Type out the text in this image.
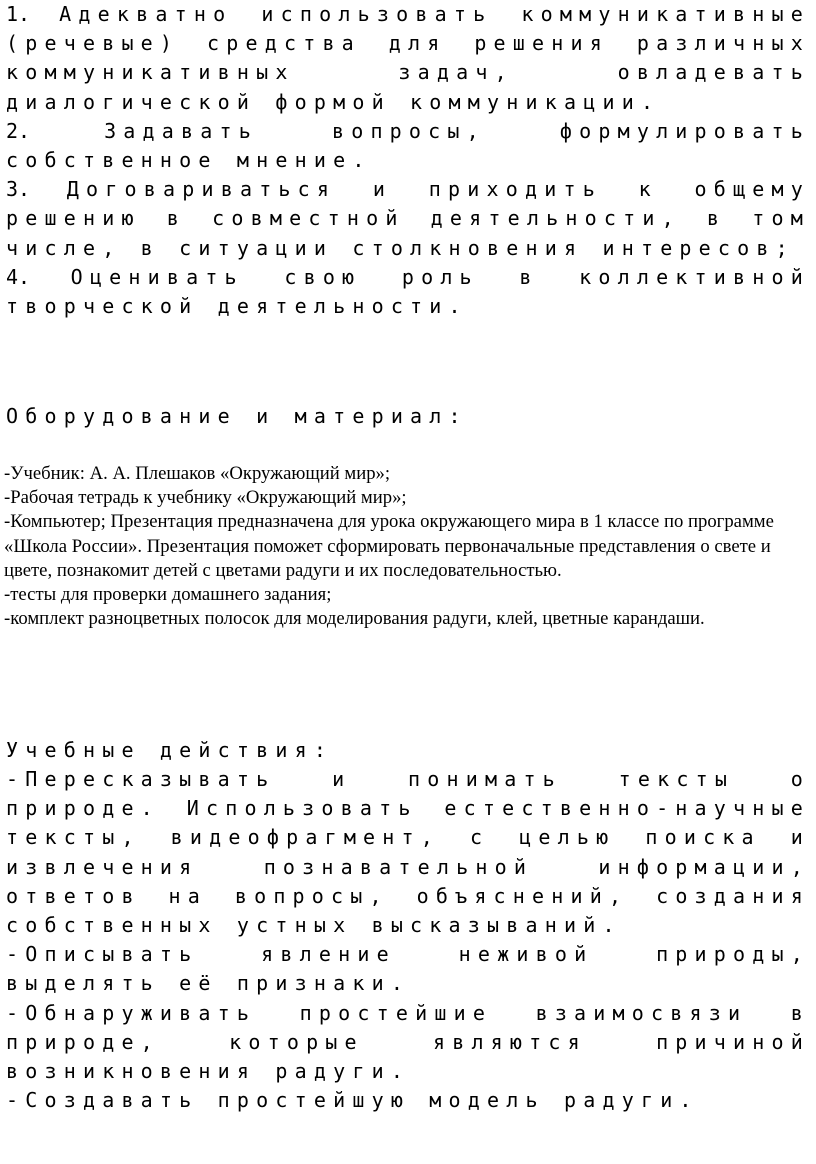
1. Адекватно использовать коммуникативные (речевые) средства для решения различных коммуникативных задач, овладевать диалогической формой коммуникации.

2. Задавать вопросы, формулировать собственное мнение.

3. Договариваться и приходить к общему решению в совместной деятельности, в том числе, в ситуации столкновения интересов;

4. Оценивать свою роль в коллективной творческой деятельности.

Оборудование и материал:

-Учебник: А. А. Плешаков «Окружающий мир»;

-Рабочая тетрадь к учебнику «Окружающий мир»;

-Компьютер; Презентация предназначена для урока окружающего мира в 1 классе по программе «Школа России». Презентация поможет сформировать первоначальные представления о свете и цвете, познакомит детей с цветами радуги и их последовательностью.

-тесты для проверки домашнего задания;

-комплект разноцветных полосок для моделирования радуги, клей, цветные карандаши.

Учебные действия:

-Пересказывать и понимать тексты о природе. Использовать естественно-научные тексты, видеофрагмент, с целью поиска и извлечения познавательной информации, ответов на вопросы, объяснений, создания собственных устных высказываний.

-Описывать явление неживой природы, выделять её признаки.

-Обнаруживать простейшие взаимосвязи в природе, которые являются причиной возникновения радуги.

-Создавать простейшую модель радуги.
